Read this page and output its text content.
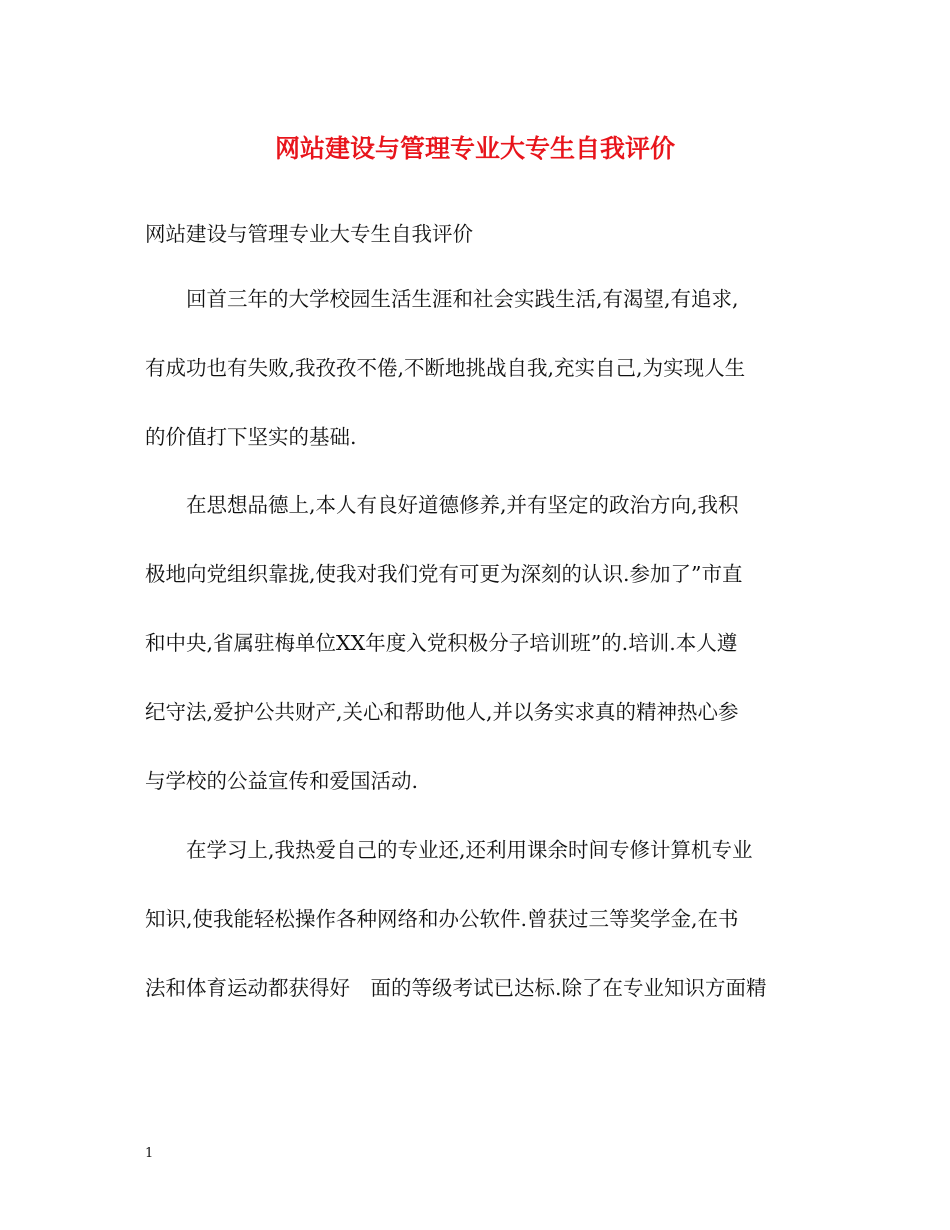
网站建设与管理专业大专生自我评价
网站建设与管理专业大专生自我评价
　　回首三年的大学校园生活生涯和社会实践生活,有渴望,有追求,
有成功也有失败,我孜孜不倦,不断地挑战自我,充实自己,为实现人生
的价值打下坚实的基础.
　　在思想品德上,本人有良好道德修养,并有坚定的政治方向,我积
极地向党组织靠拢,使我对我们党有可更为深刻的认识.参加了”市直
和中央,省属驻梅单位XX年度入党积极分子培训班”的.培训.本人遵
纪守法,爱护公共财产,关心和帮助他人,并以务实求真的精神热心参
与学校的公益宣传和爱国活动.
　　在学习上,我热爱自己的专业还,还利用课余时间专修计算机专业
知识,使我能轻松操作各种网络和办公软件.曾获过三等奖学金,在书
法和体育运动都获得好　面的等级考试已达标.除了在专业知识方面精
1
